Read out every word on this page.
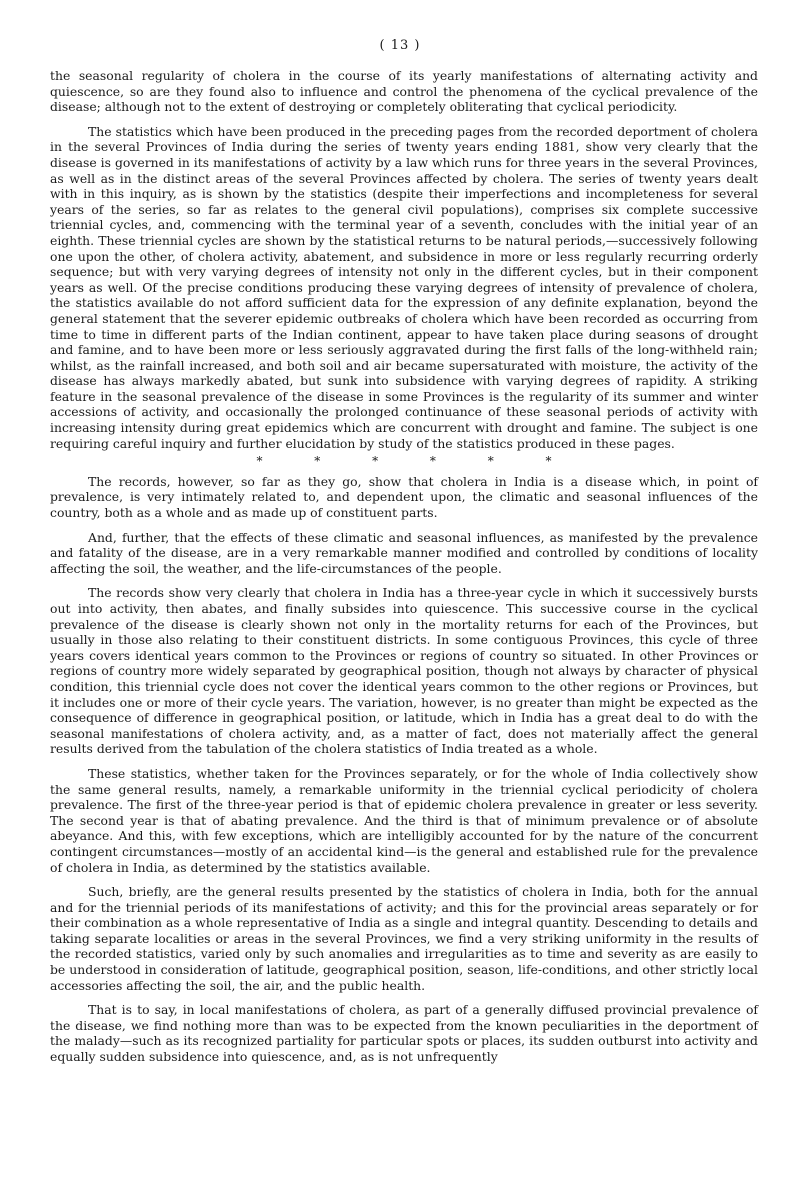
( 13 )

the seasonal regularity of cholera in the course of its yearly manifestations of alternating activity and quiescence, so are they found also to influence and control the phenomena of the cyclical prevalence of the disease; although not to the extent of destroying or completely obliterating that cyclical periodicity.

The statistics which have been produced in the preceding pages from the recorded deportment of cholera in the several Provinces of India during the series of twenty years ending 1881, show very clearly that the disease is governed in its manifestations of activity by a law which runs for three years in the several Provinces, as well as in the distinct areas of the several Provinces affected by cholera. The series of twenty years dealt with in this inquiry, as is shown by the statistics (despite their imperfections and incompleteness for several years of the series, so far as relates to the general civil populations), comprises six complete successive triennial cycles, and, commencing with the terminal year of a seventh, concludes with the initial year of an eighth. These triennial cycles are shown by the statistical returns to be natural periods,—successively following one upon the other, of cholera activity, abatement, and subsidence in more or less regularly recurring orderly sequence; but with very varying degrees of intensity not only in the different cycles, but in their component years as well. Of the precise conditions producing these varying degrees of intensity of prevalence of cholera, the statistics available do not afford sufficient data for the expression of any definite explanation, beyond the general statement that the severer epidemic outbreaks of cholera which have been recorded as occurring from time to time in different parts of the Indian continent, appear to have taken place during seasons of drought and famine, and to have been more or less seriously aggravated during the first falls of the long-withheld rain; whilst, as the rainfall increased, and both soil and air became supersaturated with moisture, the activity of the disease has always markedly abated, but sunk into subsidence with varying degrees of rapidity. A striking feature in the seasonal prevalence of the disease in some Provinces is the regularity of its summer and winter accessions of activity, and occasionally the prolonged continuance of these seasonal periods of activity with increasing intensity during great epidemics which are concurrent with drought and famine. The subject is one requiring careful inquiry and further elucidation by study of the statistics produced in these pages.

* * * * * *

The records, however, so far as they go, show that cholera in India is a disease which, in point of prevalence, is very intimately related to, and dependent upon, the climatic and seasonal influences of the country, both as a whole and as made up of constituent parts.

And, further, that the effects of these climatic and seasonal influences, as manifested by the prevalence and fatality of the disease, are in a very remarkable manner modified and controlled by conditions of locality affecting the soil, the weather, and the life-circumstances of the people.

The records show very clearly that cholera in India has a three-year cycle in which it successively bursts out into activity, then abates, and finally subsides into quiescence. This successive course in the cyclical prevalence of the disease is clearly shown not only in the mortality returns for each of the Provinces, but usually in those also relating to their constituent districts. In some contiguous Provinces, this cycle of three years covers identical years common to the Provinces or regions of country so situated. In other Provinces or regions of country more widely separated by geographical position, though not always by character of physical condition, this triennial cycle does not cover the identical years common to the other regions or Provinces, but it includes one or more of their cycle years. The variation, however, is no greater than might be expected as the consequence of difference in geographical position, or latitude, which in India has a great deal to do with the seasonal manifestations of cholera activity, and, as a matter of fact, does not materially affect the general results derived from the tabulation of the cholera statistics of India treated as a whole.

These statistics, whether taken for the Provinces separately, or for the whole of India collectively show the same general results, namely, a remarkable uniformity in the triennial cyclical periodicity of cholera prevalence. The first of the three-year period is that of epidemic cholera prevalence in greater or less severity. The second year is that of abating prevalence. And the third is that of minimum prevalence or of absolute abeyance. And this, with few exceptions, which are intelligibly accounted for by the nature of the concurrent contingent circumstances—mostly of an accidental kind—is the general and established rule for the prevalence of cholera in India, as determined by the statistics available.

Such, briefly, are the general results presented by the statistics of cholera in India, both for the annual and for the triennial periods of its manifestations of activity; and this for the provincial areas separately or for their combination as a whole representative of India as a single and integral quantity. Descending to details and taking separate localities or areas in the several Provinces, we find a very striking uniformity in the results of the recorded statistics, varied only by such anomalies and irregularities as to time and severity as are easily to be understood in consideration of latitude, geographical position, season, life-conditions, and other strictly local accessories affecting the soil, the air, and the public health.

That is to say, in local manifestations of cholera, as part of a generally diffused provincial prevalence of the disease, we find nothing more than was to be expected from the known peculiarities in the deportment of the malady—such as its recognized partiality for particular spots or places, its sudden outburst into activity and equally sudden subsidence into quiescence, and, as is not unfrequently
